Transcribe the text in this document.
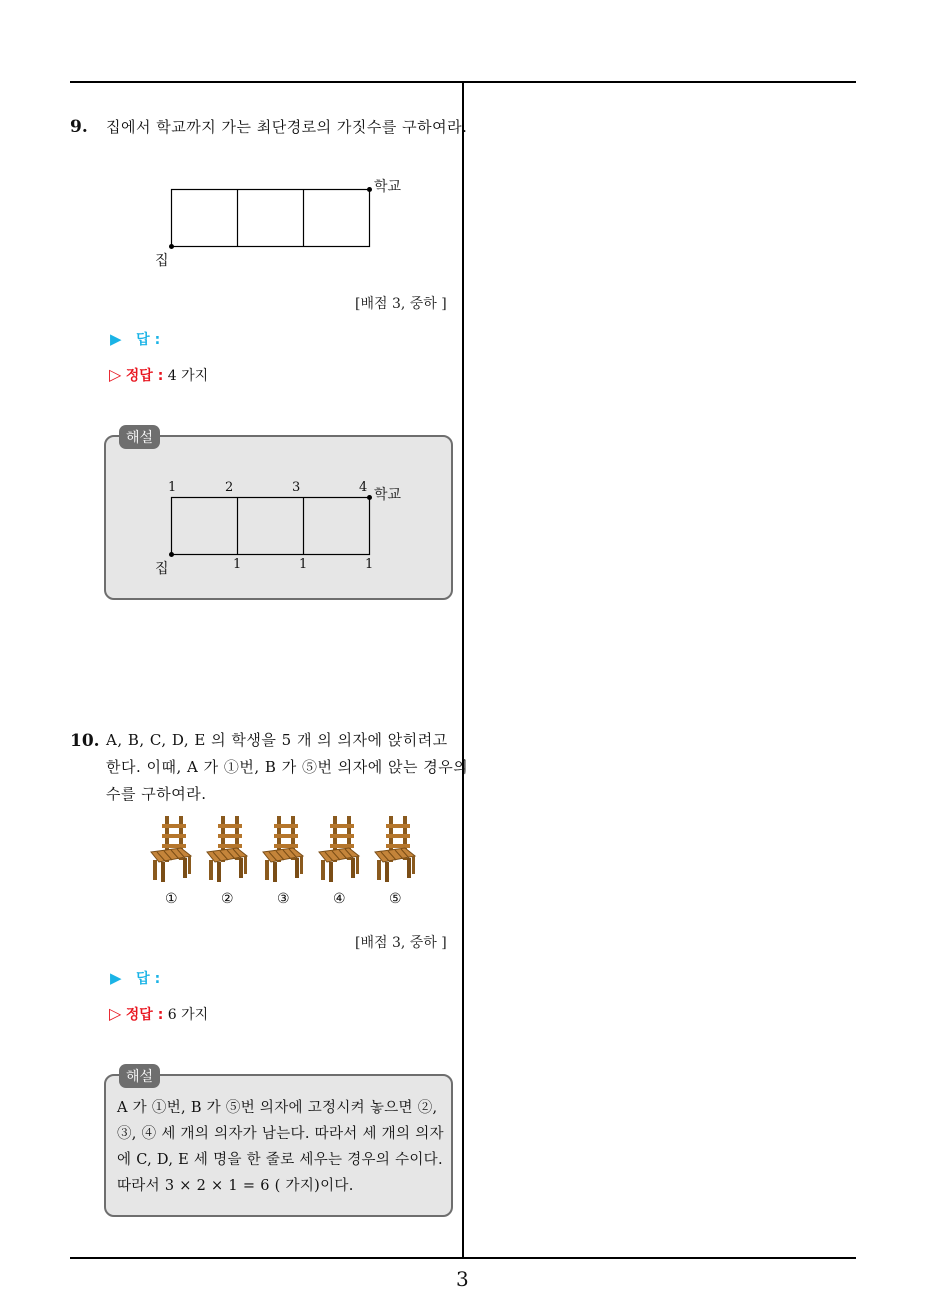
9. 집에서 학교까지 가는 최단경로의 가짓수를 구하여라.
학교
집
[배점 3, 중하 ]
▶ 답 :
▷ 정답 : 4 가지
해설
1	2	3	4 학교
집	1	1	1
10. A, B, C, D, E 의 학생을 5 개 의 의자에 앉히려고
한다. 이때, A 가 ①번, B 가 ⑤번 의자에 앉는 경우의
수를 구하여라.
①	②	③	④	⑤
[배점 3, 중하 ]
▶ 답 :
▷ 정답 : 6 가지
해설
A 가 ①번, B 가 ⑤번 의자에 고정시켜 놓으면 ②,
③, ④ 세 개의 의자가 남는다. 따라서 세 개의 의자
에 C, D, E 세 명을 한 줄로 세우는 경우의 수이다.
따라서 3 × 2 × 1 = 6 ( 가지)이다.
3
